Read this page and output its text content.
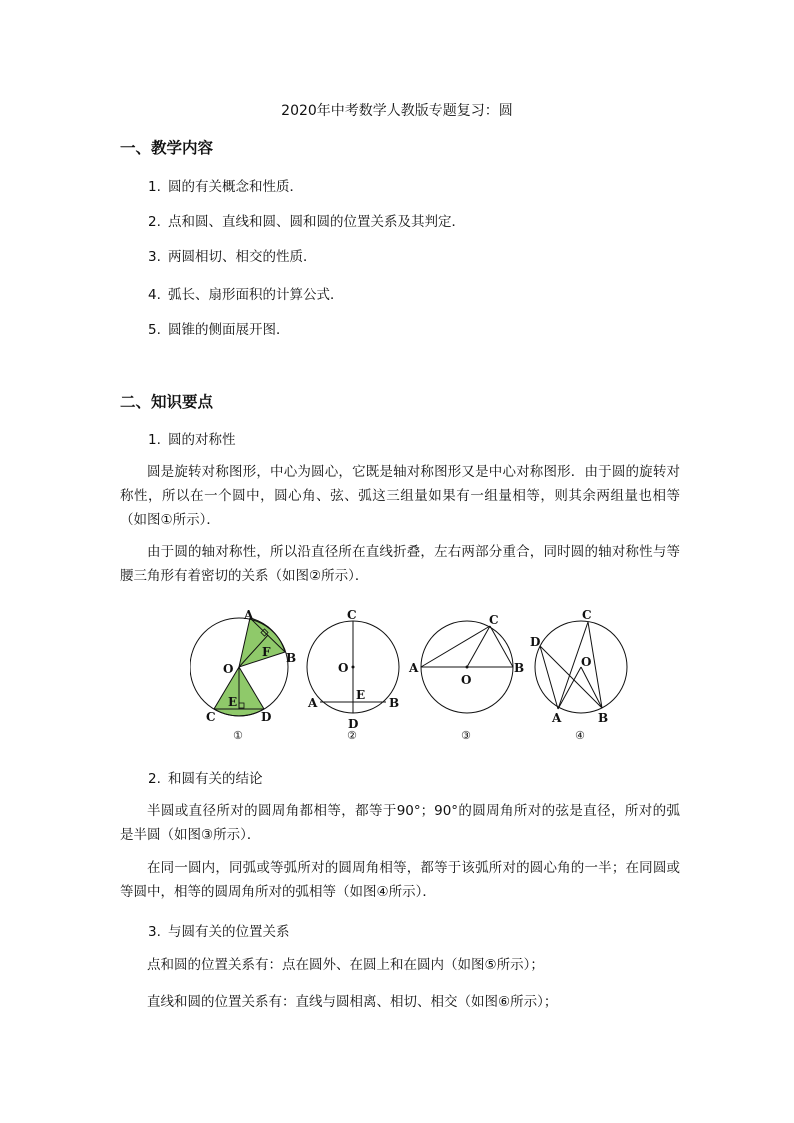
2020年中考数学人教版专题复习：圆
一、教学内容
1. 圆的有关概念和性质．
2. 点和圆、直线和圆、圆和圆的位置关系及其判定．
3. 两圆相切、相交的性质．
4. 弧长、扇形面积的计算公式．
5. 圆锥的侧面展开图．
二、知识要点
1. 圆的对称性
圆是旋转对称图形，中心为圆心，它既是轴对称图形又是中心对称图形．由于圆的旋转对称性，所以在一个圆中，圆心角、弦、弧这三组量如果有一组量相等，则其余两组量也相等（如图①所示）．
由于圆的轴对称性，所以沿直径所在直线折叠，左右两部分重合，同时圆的轴对称性与等腰三角形有着密切的关系（如图②所示）．
A
B
C	D
O
E
F
①
C
D
O
E
A	B
②
A	B
C
O
③
D
C
O
A	B
④
2. 和圆有关的结论
半圆或直径所对的圆周角都相等，都等于90°；90°的圆周角所对的弦是直径，所对的弧是半圆（如图③所示）．
在同一圆内，同弧或等弧所对的圆周角相等，都等于该弧所对的圆心角的一半；在同圆或等圆中，相等的圆周角所对的弧相等（如图④所示）．
3. 与圆有关的位置关系
点和圆的位置关系有：点在圆外、在圆上和在圆内（如图⑤所示）；
直线和圆的位置关系有：直线与圆相离、相切、相交（如图⑥所示）；
